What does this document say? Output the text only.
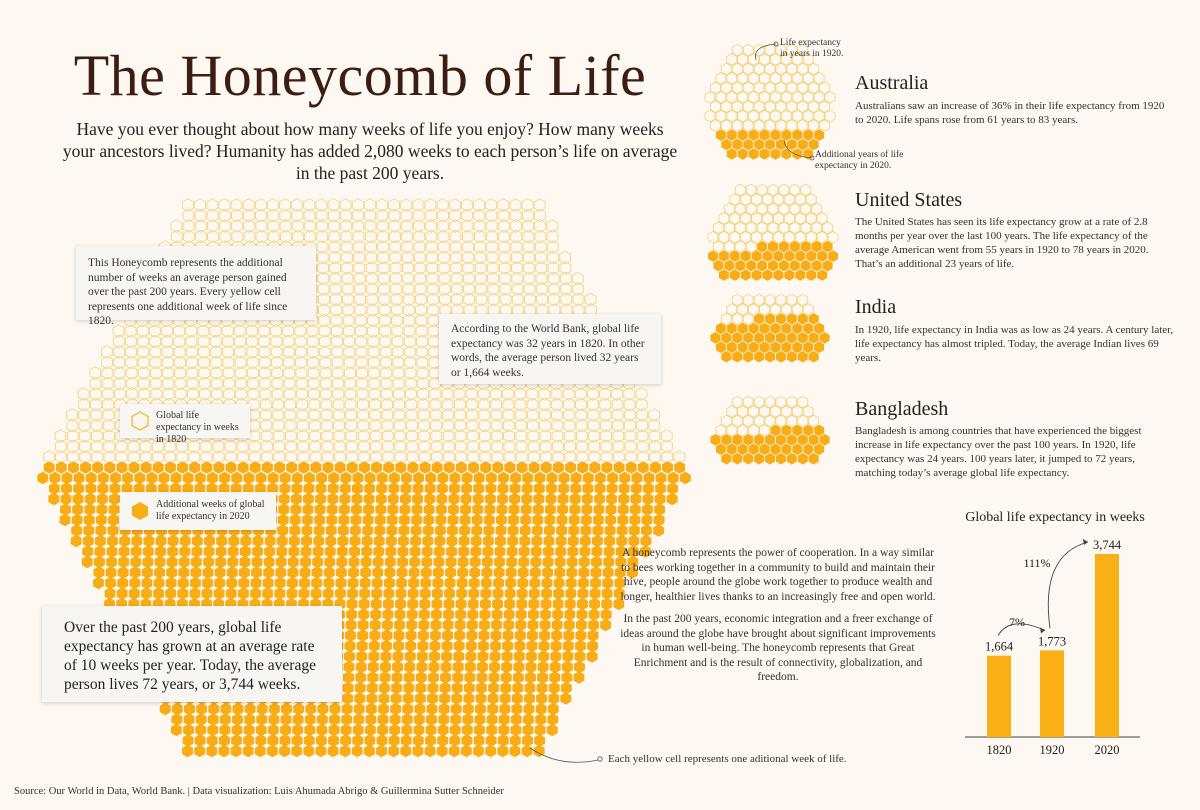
1,664
1820
1,773
1920
3,744
2020
7%
111%
The Honeycomb of Life
Have you ever thought about how many weeks of life you enjoy? How many weeks your ancestors lived? Humanity has added 2,080 weeks to each person’s life on average in the past 200 years.
This Honeycomb represents the additional number of weeks an average person gained over the past 200 years. Every yellow cell represents one additional week of life since 1820.
According to the World Bank, global life expectancy was 32 years in 1820. In other words, the average person lived 32 years or 1,664 weeks.
Global life expectancy in weeks in 1820
Additional weeks of global life expectancy in 2020
Over the past 200 years, global life expectancy has grown at an average rate of 10 weeks per year. Today, the average person lives 72 years, or 3,744 weeks.

A honeycomb represents the power of cooperation. In a way similar to bees working together in a community to build and maintain their hive, people around the globe work together to produce wealth and longer, healthier lives thanks to an increasingly free and open world.

In the past 200 years, economic integration and a freer exchange of ideas around the globe have brought about significant improvements in human well-being. The honeycomb represents that Great Enrichment and is the result of connectivity, globalization, and freedom.

Each yellow cell represents one aditional week of life.
Source: Our World in Data, World Bank. | Data visualization: Luis Ahumada Abrigo & Guillermina Sutter Schneider
Life expectancy in years in 1920.
Additional years of life expectancy in 2020.
Australia
Australians saw an increase of 36% in their life expectancy from 1920 to 2020. Life spans rose from 61 years to 83 years.
United States
The United States has seen its life expectancy grow at a rate of 2.8 months per year over the last 100 years. The life expectancy of the average American went from 55 years in 1920 to 78 years in 2020. That’s an additional 23 years of life.
India
In 1920, life expectancy in India was as low as 24 years. A century later, life expectancy has almost tripled. Today, the average Indian lives 69 years.
Bangladesh
Bangladesh is among countries that have experienced the biggest increase in life expectancy over the past 100 years. In 1920, life expectancy was 24 years. 100 years later, it jumped to 72 years, matching today’s average global life expectancy.
Global life expectancy in weeks
